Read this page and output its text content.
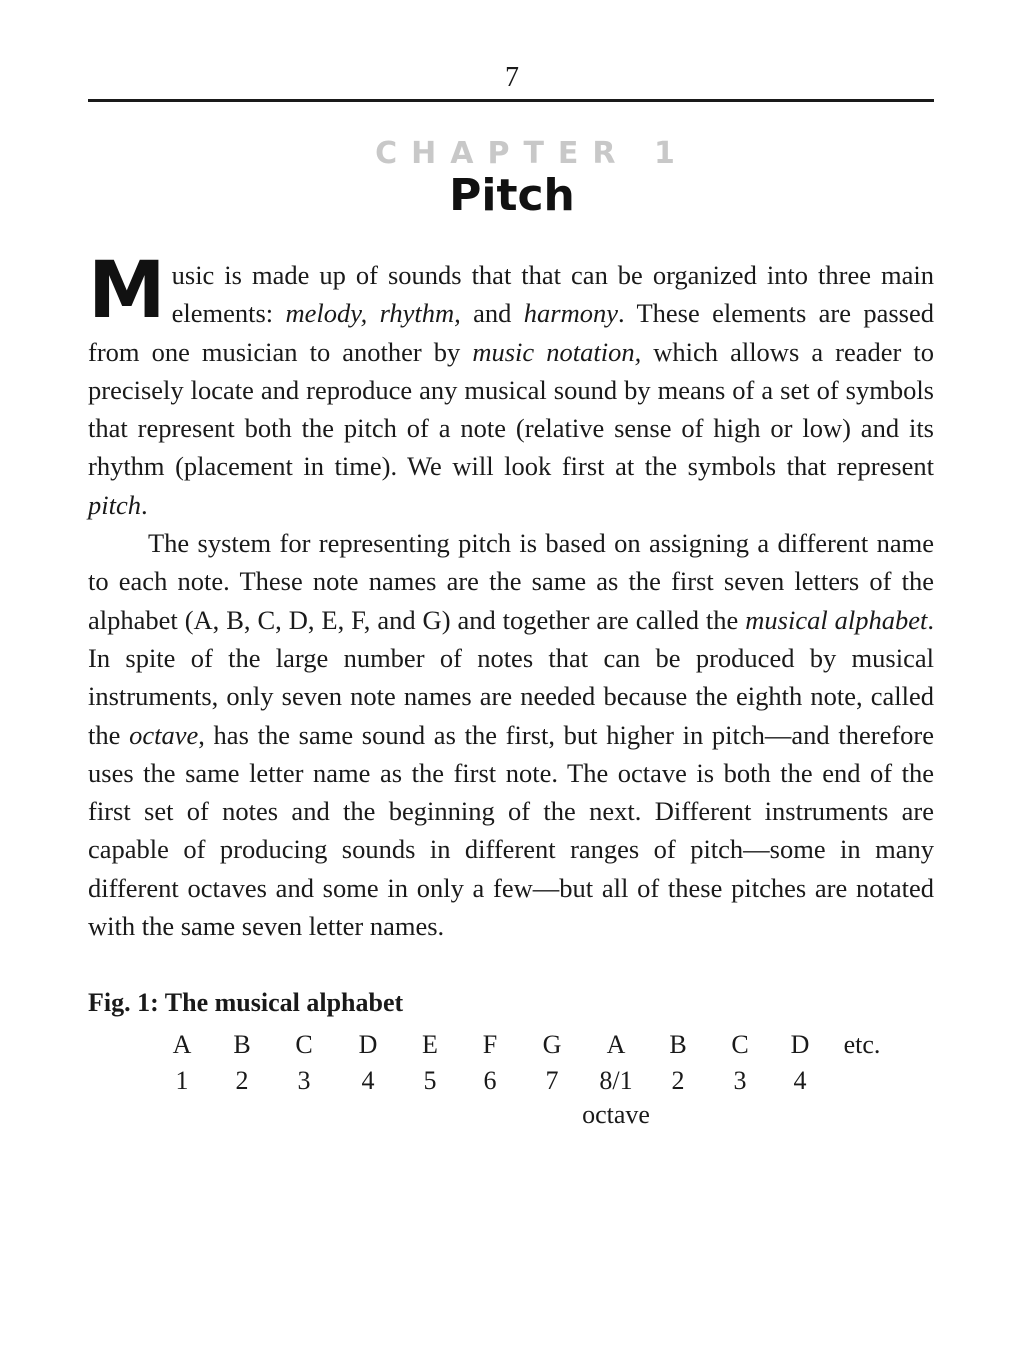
7
CHAPTER 1
Pitch

Music is made up of sounds that that can be organized into three main elements: melody, rhythm, and harmony. These elements are passed from one musician to another by music notation, which allows a reader to precisely locate and reproduce any musical sound by means of a set of symbols that represent both the pitch of a note (relative sense of high or low) and its rhythm (placement in time). We will look first at the symbols that represent pitch.

The system for representing pitch is based on assigning a different name to each note. These note names are the same as the first seven letters of the alphabet (A, B, C, D, E, F, and G) and together are called the musical alphabet. In spite of the large number of notes that can be produced by musical instruments, only seven note names are needed because the eighth note, called the octave, has the same sound as the first, but higher in pitch—and therefore uses the same letter name as the first note. The octave is both the end of the first set of notes and the beginning of the next. Different instruments are capable of producing sounds in different ranges of pitch—some in many different octaves and some in only a few—but all of these pitches are notated with the same seven letter names.

Fig. 1: The musical alphabet
A	B	C	D	E	F	G	A	B	C	D	etc.
1	2	3	4	5	6	7	8/1	2	3	4
octave
